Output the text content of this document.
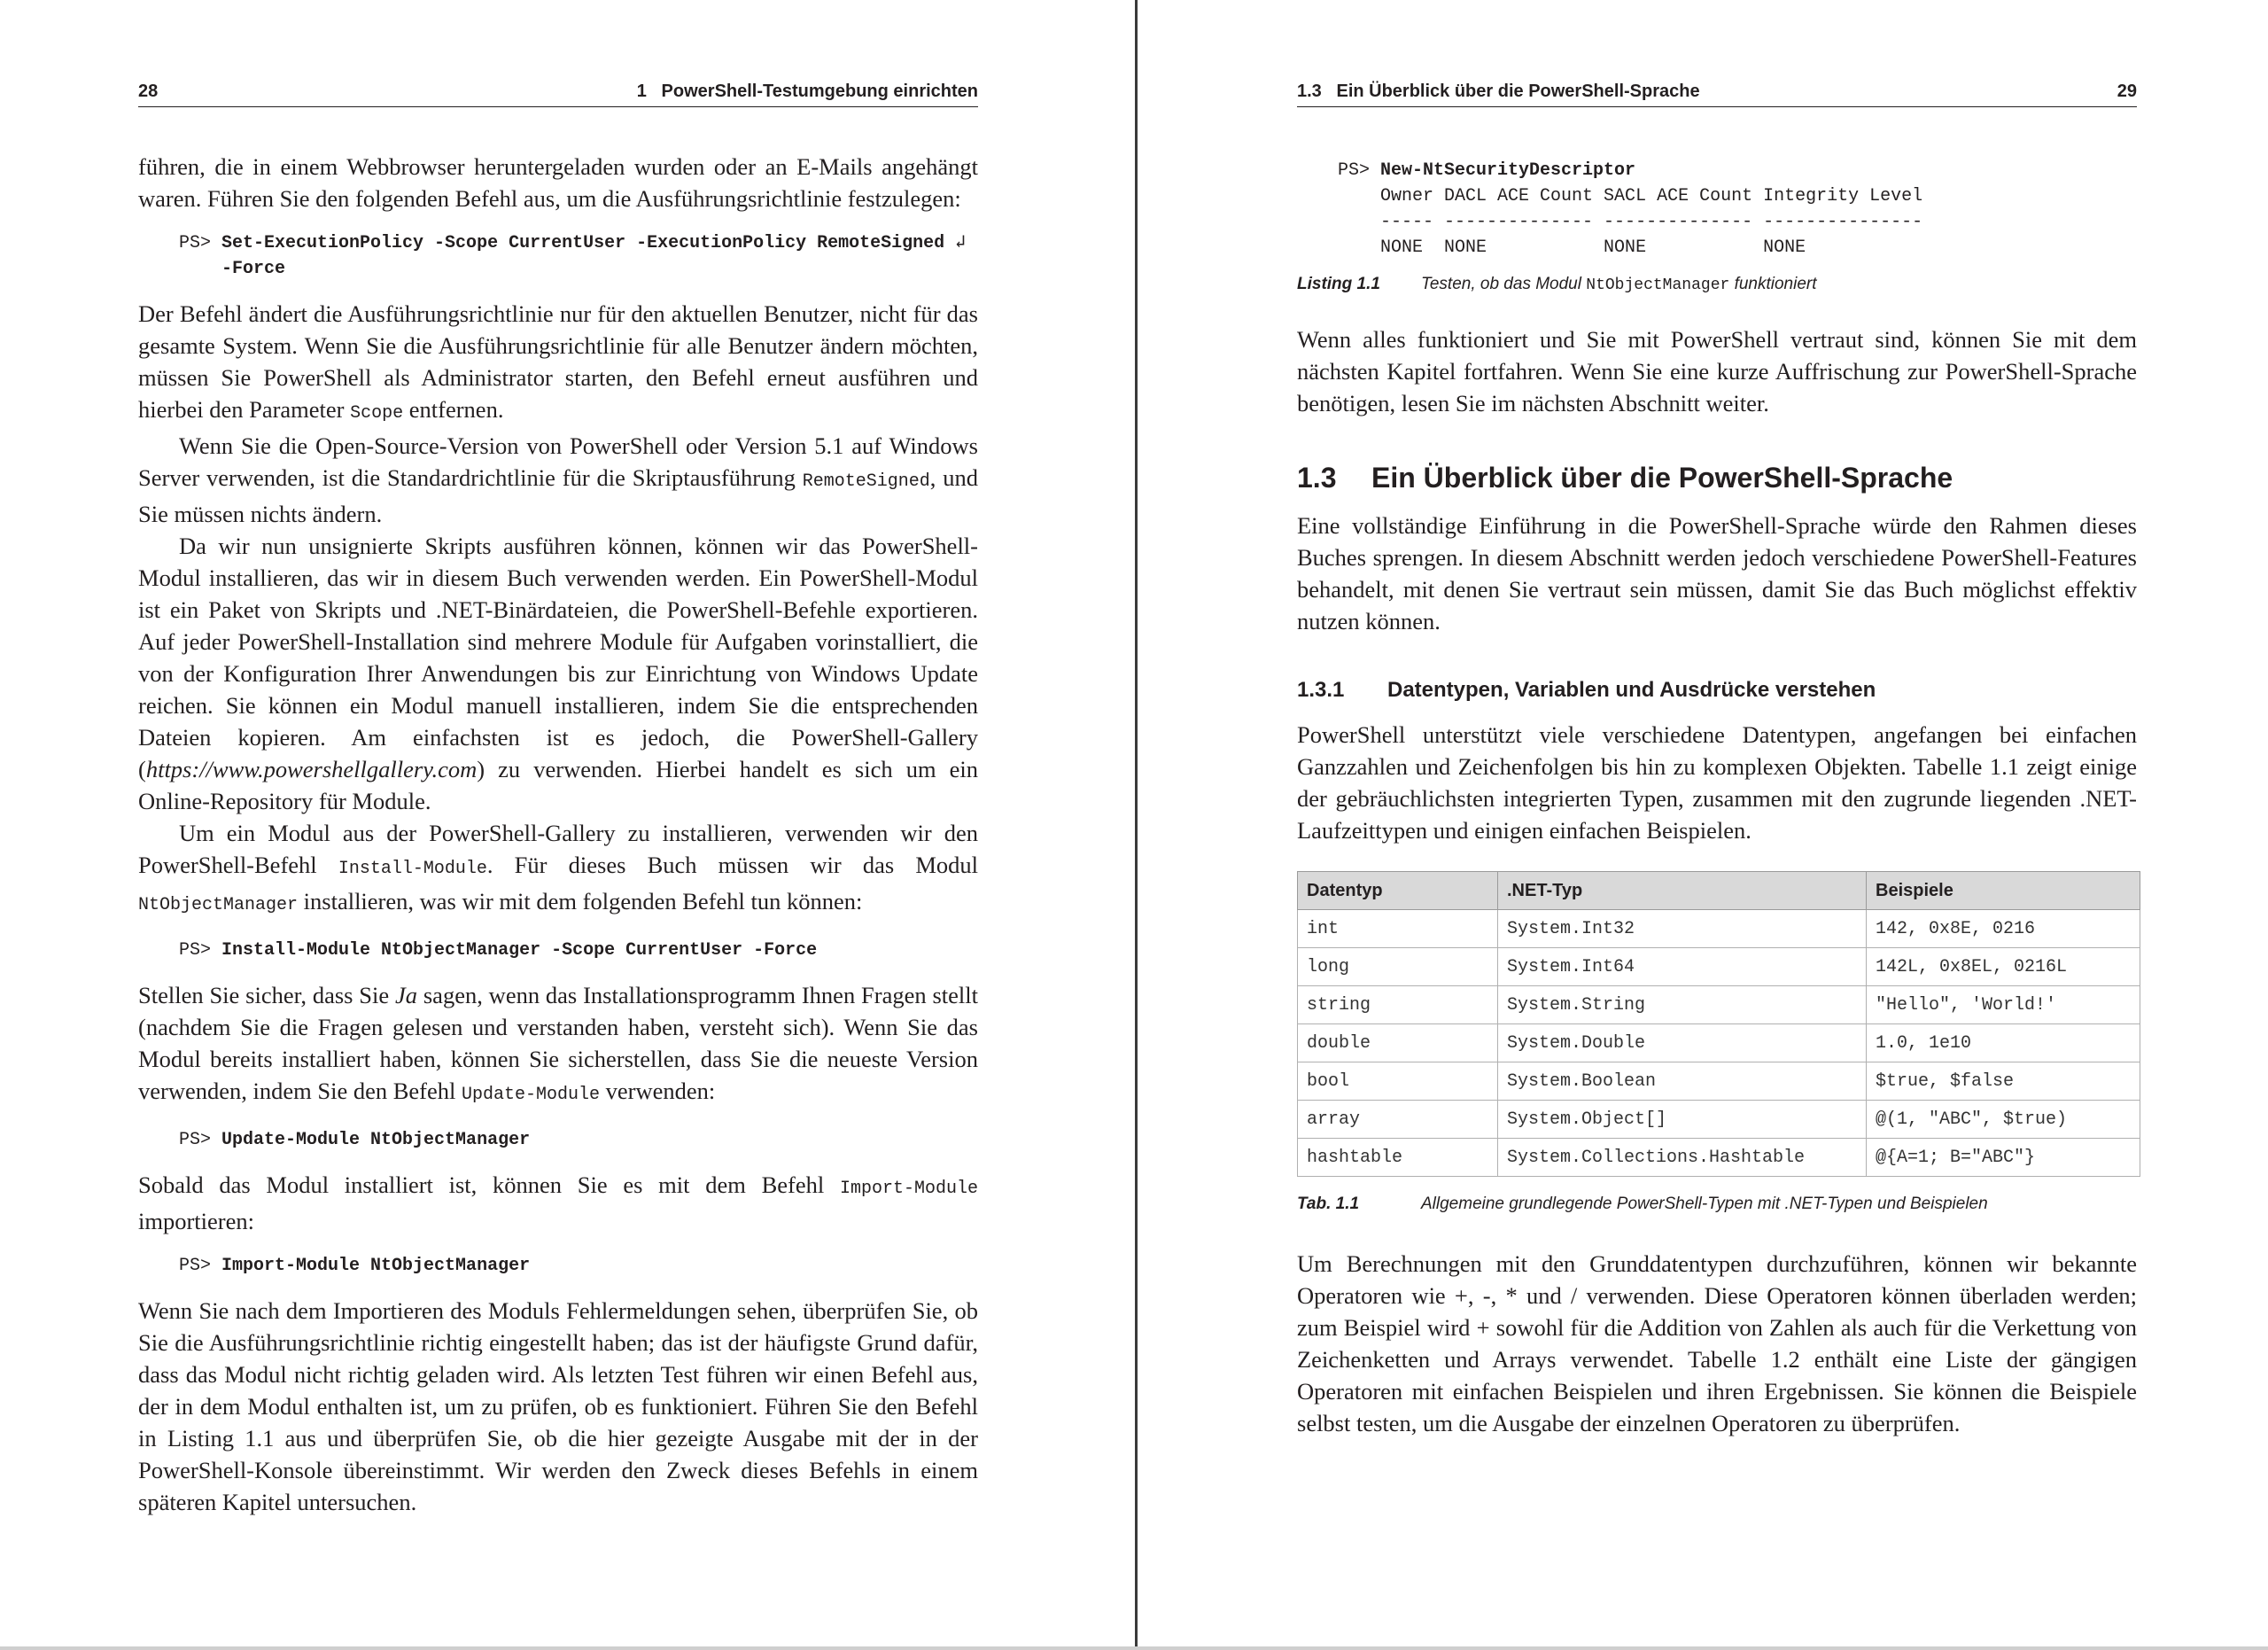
28	1   PowerShell-Testumgebung einrichten

führen, die in einem Webbrowser heruntergeladen wurden oder an E-Mails angehängt waren. Führen Sie den folgenden Befehl aus, um die Ausführungsrichtlinie festzulegen:

PS> Set-ExecutionPolicy -Scope CurrentUser -ExecutionPolicy RemoteSigned ↲
-Force

Der Befehl ändert die Ausführungsrichtlinie nur für den aktuellen Benutzer, nicht für das gesamte System. Wenn Sie die Ausführungsrichtlinie für alle Benutzer ändern möchten, müssen Sie PowerShell als Administrator starten, den Befehl erneut ausführen und hierbei den Parameter Scope entfernen.

Wenn Sie die Open-Source-Version von PowerShell oder Version 5.1 auf Windows Server verwenden, ist die Standardrichtlinie für die Skriptausführung RemoteSigned, und Sie müssen nichts ändern.

Da wir nun unsignierte Skripts ausführen können, können wir das PowerShell-Modul installieren, das wir in diesem Buch verwenden werden. Ein PowerShell-Modul ist ein Paket von Skripts und .NET-Binärdateien, die PowerShell-Befehle exportieren. Auf jeder PowerShell-Installation sind mehrere Module für Aufgaben vorinstalliert, die von der Konfiguration Ihrer Anwendungen bis zur Einrichtung von Windows Update reichen. Sie können ein Modul manuell installieren, indem Sie die entsprechenden Dateien kopieren. Am einfachsten ist es jedoch, die PowerShell-Gallery (https://www.powershellgallery.com) zu verwenden. Hierbei handelt es sich um ein Online-Repository für Module.

Um ein Modul aus der PowerShell-Gallery zu installieren, verwenden wir den PowerShell-Befehl Install-Module. Für dieses Buch müssen wir das Modul NtObjectManager installieren, was wir mit dem folgenden Befehl tun können:

PS> Install-Module NtObjectManager -Scope CurrentUser -Force

Stellen Sie sicher, dass Sie Ja sagen, wenn das Installationsprogramm Ihnen Fragen stellt (nachdem Sie die Fragen gelesen und verstanden haben, versteht sich). Wenn Sie das Modul bereits installiert haben, können Sie sicherstellen, dass Sie die neueste Version verwenden, indem Sie den Befehl Update-Module verwenden:

PS> Update-Module NtObjectManager

Sobald das Modul installiert ist, können Sie es mit dem Befehl Import-Module importieren:

PS> Import-Module NtObjectManager

Wenn Sie nach dem Importieren des Moduls Fehlermeldungen sehen, überprüfen Sie, ob Sie die Ausführungsrichtlinie richtig eingestellt haben; das ist der häufigste Grund dafür, dass das Modul nicht richtig geladen wird. Als letzten Test führen wir einen Befehl aus, der in dem Modul enthalten ist, um zu prüfen, ob es funktioniert. Führen Sie den Befehl in Listing 1.1 aus und überprüfen Sie, ob die hier gezeigte Ausgabe mit der in der PowerShell-Konsole übereinstimmt. Wir werden den Zweck dieses Befehls in einem späteren Kapitel untersuchen.

1.3   Ein Überblick über die PowerShell-Sprache	29
PS> New-NtSecurityDescriptor
Owner DACL ACE Count SACL ACE Count Integrity Level
----- -------------- -------------- ---------------
NONE  NONE           NONE           NONE
Listing 1.1	Testen, ob das Modul NtObjectManager funktioniert

Wenn alles funktioniert und Sie mit PowerShell vertraut sind, können Sie mit dem nächsten Kapitel fortfahren. Wenn Sie eine kurze Auffrischung zur PowerShell-Sprache benötigen, lesen Sie im nächsten Abschnitt weiter.

1.3	Ein Überblick über die PowerShell-Sprache

Eine vollständige Einführung in die PowerShell-Sprache würde den Rahmen dieses Buches sprengen. In diesem Abschnitt werden jedoch verschiedene PowerShell-Features behandelt, mit denen Sie vertraut sein müssen, damit Sie das Buch möglichst effektiv nutzen können.

1.3.1	Datentypen, Variablen und Ausdrücke verstehen

PowerShell unterstützt viele verschiedene Datentypen, angefangen bei einfachen Ganzzahlen und Zeichenfolgen bis hin zu komplexen Objekten. Tabelle 1.1 zeigt einige der gebräuchlichsten integrierten Typen, zusammen mit den zugrunde liegenden .NET-Laufzeittypen und einigen einfachen Beispielen.

Datentyp	.NET-Typ	Beispiele
int	System.Int32	142, 0x8E, 0216
long	System.Int64	142L, 0x8EL, 0216L
string	System.String	"Hello", 'World!'
double	System.Double	1.0, 1e10
bool	System.Boolean	$true, $false
array	System.Object[]	@(1, "ABC", $true)
hashtable	System.Collections.Hashtable	@{A=1; B="ABC"}
Tab. 1.1	Allgemeine grundlegende PowerShell-Typen mit .NET-Typen und Beispielen

Um Berechnungen mit den Grunddatentypen durchzuführen, können wir bekannte Operatoren wie +, -, * und / verwenden. Diese Operatoren können überladen werden; zum Beispiel wird + sowohl für die Addition von Zahlen als auch für die Verkettung von Zeichenketten und Arrays verwendet. Tabelle 1.2 enthält eine Liste der gängigen Operatoren mit einfachen Beispielen und ihren Ergebnissen. Sie können die Beispiele selbst testen, um die Ausgabe der einzelnen Operatoren zu überprüfen.
